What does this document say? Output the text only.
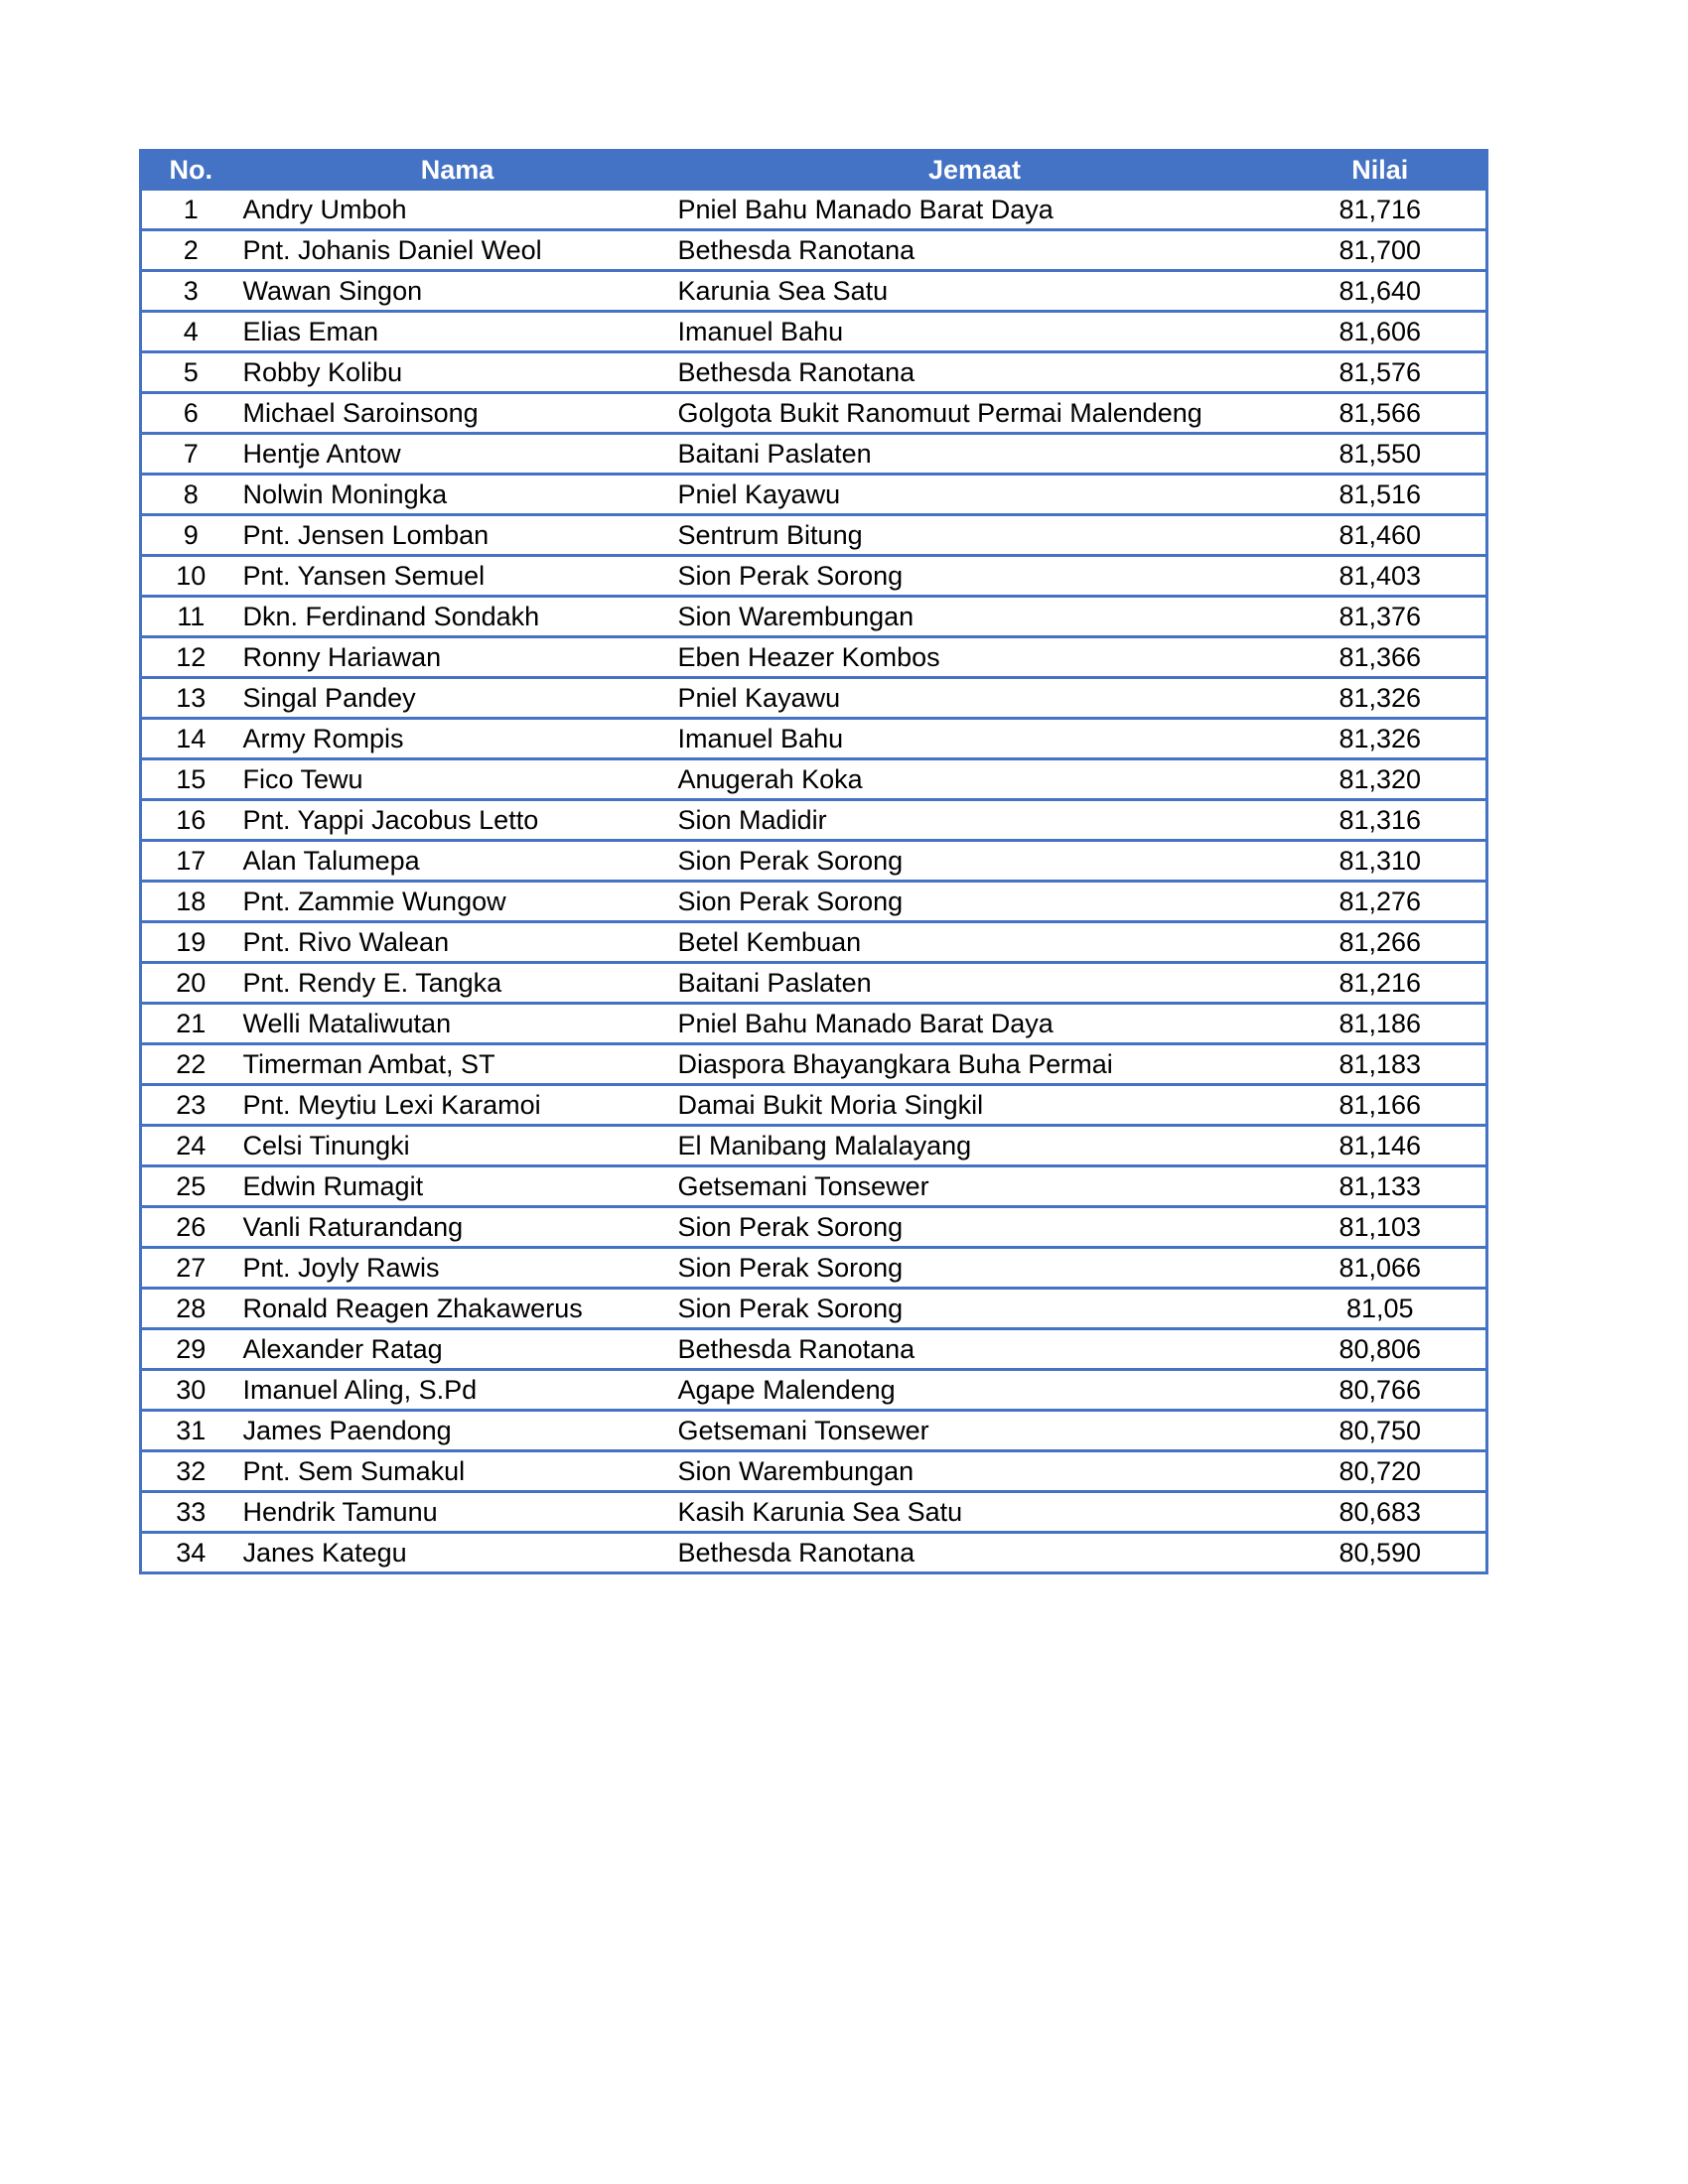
No.	Nama	Jemaat	Nilai
1	Andry Umboh	Pniel Bahu Manado Barat Daya	81,716
2	Pnt. Johanis Daniel Weol	Bethesda Ranotana	81,700
3	Wawan Singon	Karunia Sea Satu	81,640
4	Elias Eman	Imanuel Bahu	81,606
5	Robby Kolibu	Bethesda Ranotana	81,576
6	Michael Saroinsong	Golgota Bukit Ranomuut Permai Malendeng	81,566
7	Hentje Antow	Baitani Paslaten	81,550
8	Nolwin Moningka	Pniel Kayawu	81,516
9	Pnt. Jensen Lomban	Sentrum Bitung	81,460
10	Pnt. Yansen Semuel	Sion Perak Sorong	81,403
11	Dkn. Ferdinand Sondakh	Sion Warembungan	81,376
12	Ronny Hariawan	Eben Heazer Kombos	81,366
13	Singal Pandey	Pniel Kayawu	81,326
14	Army Rompis	Imanuel Bahu	81,326
15	Fico Tewu	Anugerah Koka	81,320
16	Pnt. Yappi Jacobus Letto	Sion Madidir	81,316
17	Alan Talumepa	Sion Perak Sorong	81,310
18	Pnt. Zammie Wungow	Sion Perak Sorong	81,276
19	Pnt. Rivo Walean	Betel Kembuan	81,266
20	Pnt. Rendy E. Tangka	Baitani Paslaten	81,216
21	Welli Mataliwutan	Pniel Bahu Manado Barat Daya	81,186
22	Timerman Ambat, ST	Diaspora Bhayangkara Buha Permai	81,183
23	Pnt. Meytiu Lexi Karamoi	Damai Bukit Moria Singkil	81,166
24	Celsi Tinungki	El Manibang Malalayang	81,146
25	Edwin Rumagit	Getsemani Tonsewer	81,133
26	Vanli Raturandang	Sion Perak Sorong	81,103
27	Pnt. Joyly Rawis	Sion Perak Sorong	81,066
28	Ronald Reagen Zhakawerus	Sion Perak Sorong	81,05
29	Alexander Ratag	Bethesda Ranotana	80,806
30	Imanuel Aling, S.Pd	Agape Malendeng	80,766
31	James Paendong	Getsemani Tonsewer	80,750
32	Pnt. Sem Sumakul	Sion Warembungan	80,720
33	Hendrik Tamunu	Kasih Karunia Sea Satu	80,683
34	Janes Kategu	Bethesda Ranotana	80,590
